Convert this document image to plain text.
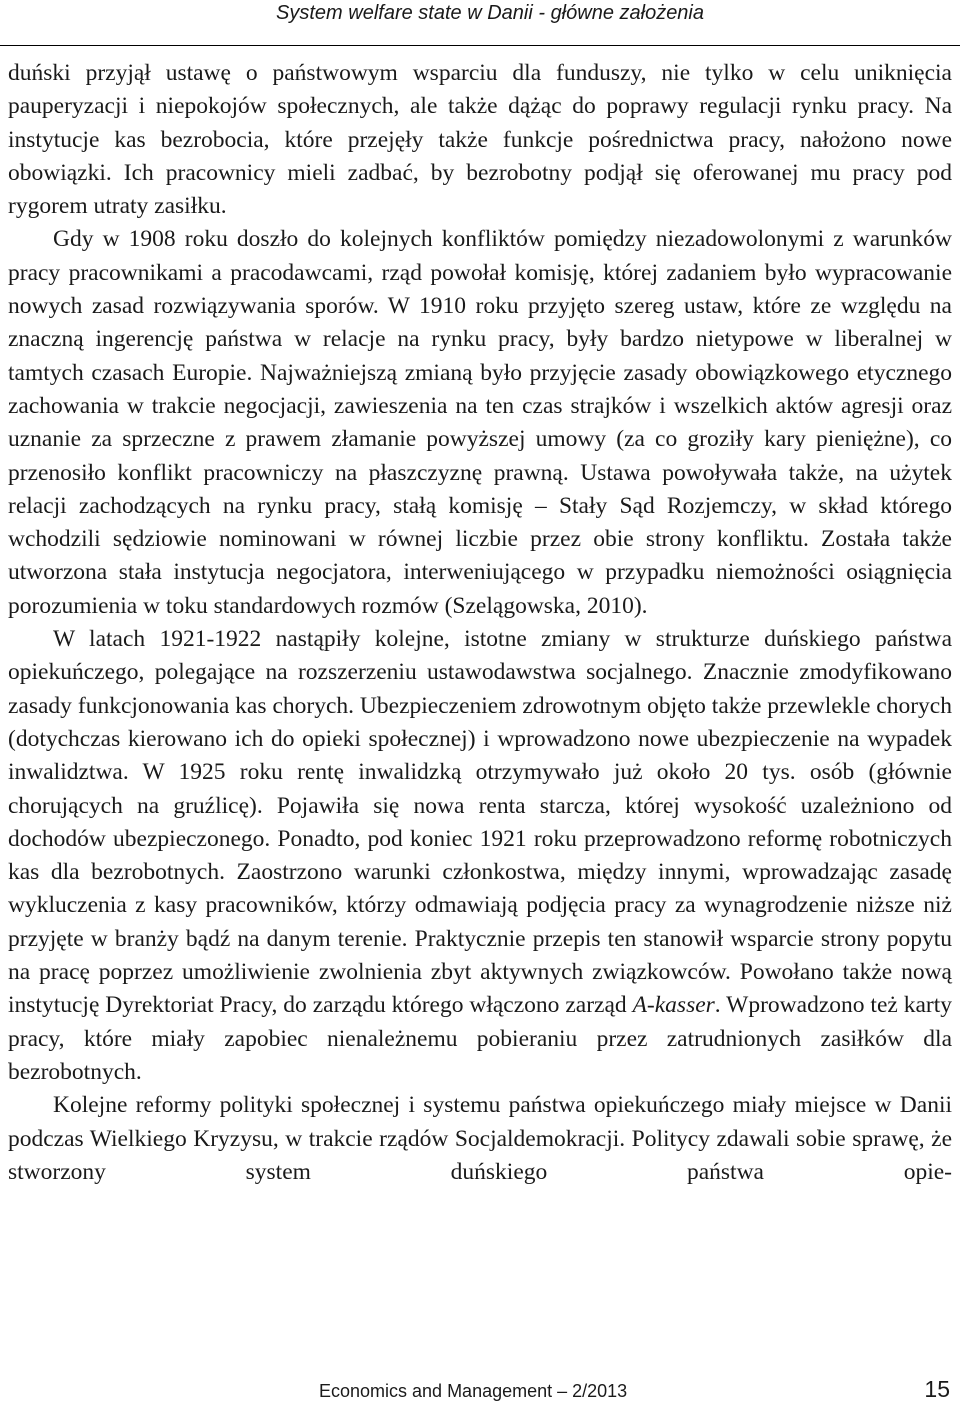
System welfare state w Danii - główne założenia

duński przyjął ustawę o państwowym wsparciu dla funduszy, nie tylko w celu uniknięcia pauperyzacji i niepokojów społecznych, ale także dążąc do poprawy regulacji rynku pracy. Na instytucje kas bezrobocia, które przejęły także funkcje pośrednictwa pracy, nałożono nowe obowiązki. Ich pracownicy mieli zadbać, by bezrobotny podjął się oferowanej mu pracy pod rygorem utraty zasiłku.

Gdy w 1908 roku doszło do kolejnych konfliktów pomiędzy niezadowolonymi z warunków pracy pracownikami a pracodawcami, rząd powołał komisję, której zadaniem było wypracowanie nowych zasad rozwiązywania sporów. W 1910 roku przyjęto szereg ustaw, które ze względu na znaczną ingerencję państwa w relacje na rynku pracy, były bardzo nietypowe w liberalnej w tamtych czasach Europie. Najważniejszą zmianą było przyjęcie zasady obowiązkowego etycznego zachowania w trakcie negocjacji, zawieszenia na ten czas strajków i wszelkich aktów agresji oraz uznanie za sprzeczne z prawem złamanie powyższej umowy (za co groziły kary pieniężne), co przenosiło konflikt pracowniczy na płaszczyznę prawną. Ustawa powoływała także, na użytek relacji zachodzących na rynku pracy, stałą komisję – Stały Sąd Rozjemczy, w skład którego wchodzili sędziowie nominowani w równej liczbie przez obie strony konfliktu. Została także utworzona stała instytucja negocjatora, interweniującego w przypadku niemożności osiągnięcia porozumienia w toku standardowych rozmów (Szelągowska, 2010).

W latach 1921-1922 nastąpiły kolejne, istotne zmiany w strukturze duńskiego państwa opiekuńczego, polegające na rozszerzeniu ustawodawstwa socjalnego. Znacznie zmodyfikowano zasady funkcjonowania kas chorych. Ubezpieczeniem zdrowotnym objęto także przewlekle chorych (dotychczas kierowano ich do opieki społecznej) i wprowadzono nowe ubezpieczenie na wypadek inwalidztwa. W 1925 roku rentę inwalidzką otrzymywało już około 20 tys. osób (głównie chorujących na gruźlicę). Pojawiła się nowa renta starcza, której wysokość uzależniono od dochodów ubezpieczonego. Ponadto, pod koniec 1921 roku przeprowadzono reformę robotniczych kas dla bezrobotnych. Zaostrzono warunki członkostwa, między innymi, wprowadzając zasadę wykluczenia z kasy pracowników, którzy odmawiają podjęcia pracy za wynagrodzenie niższe niż przyjęte w branży bądź na danym terenie. Praktycznie przepis ten stanowił wsparcie strony popytu na pracę poprzez umożliwienie zwolnienia zbyt aktywnych związkowców. Powołano także nową instytucję Dyrektoriat Pracy, do zarządu którego włączono zarząd A-kasser. Wprowadzono też karty pracy, które miały zapobiec nienależnemu pobieraniu przez zatrudnionych zasiłków dla bezrobotnych.

Kolejne reformy polityki społecznej i systemu państwa opiekuńczego miały miejsce w Danii podczas Wielkiego Kryzysu, w trakcie rządów Socjaldemokracji. Politycy zdawali sobie sprawę, że stworzony system duńskiego państwa opie-

Economics and Management – 2/2013	15
